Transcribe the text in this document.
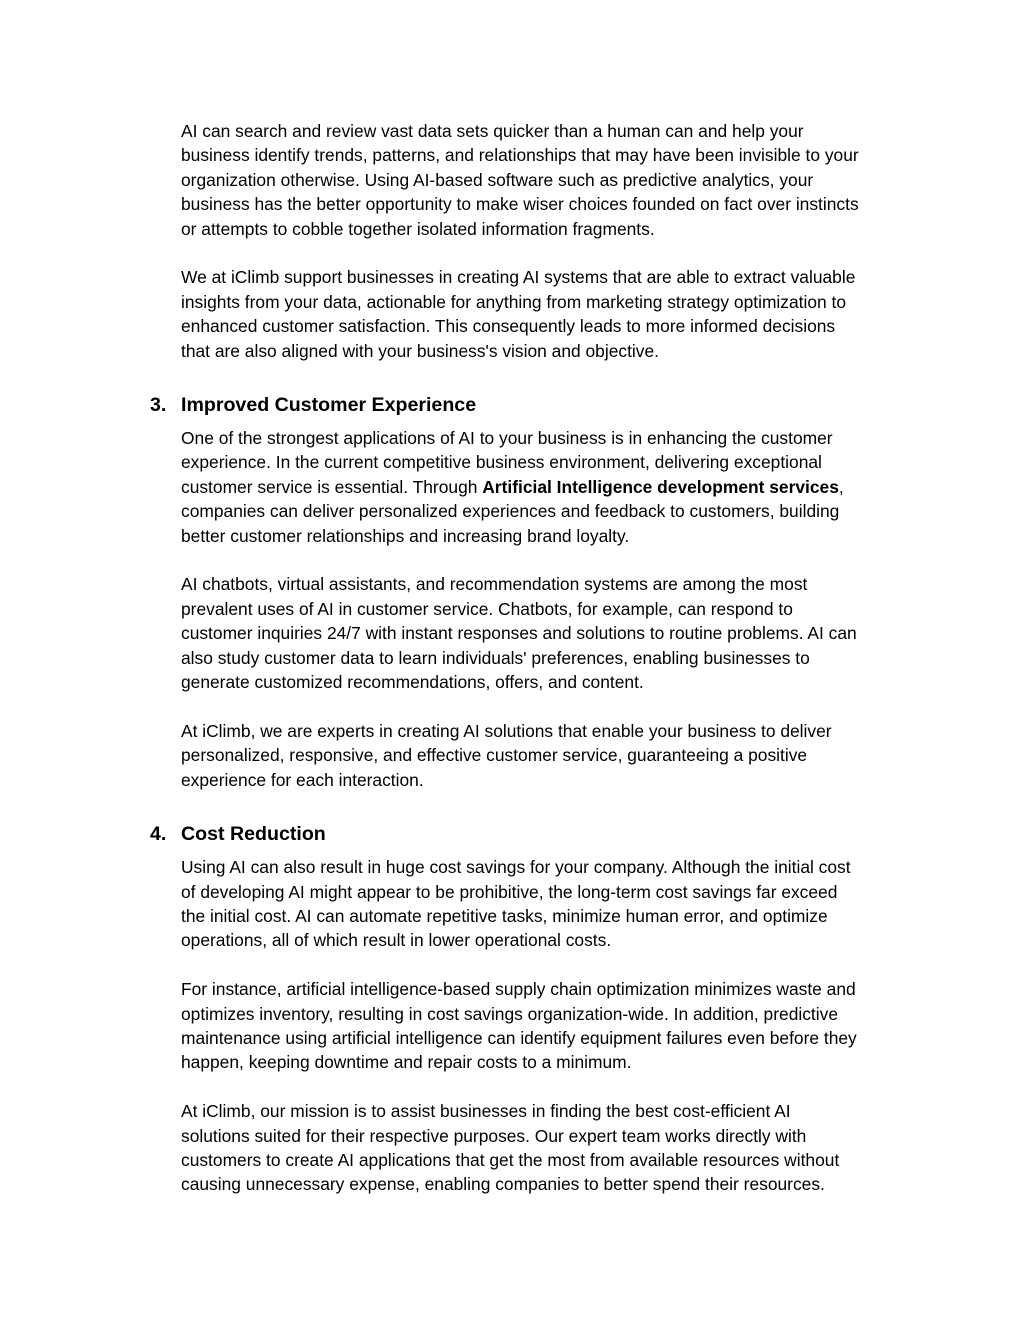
AI can search and review vast data sets quicker than a human can and help your
business identify trends, patterns, and relationships that may have been invisible to your
organization otherwise. Using AI-based software such as predictive analytics, your
business has the better opportunity to make wiser choices founded on fact over instincts
or attempts to cobble together isolated information fragments.

We at iClimb support businesses in creating AI systems that are able to extract valuable
insights from your data, actionable for anything from marketing strategy optimization to
enhanced customer satisfaction. This consequently leads to more informed decisions
that are also aligned with your business's vision and objective.

3. Improved Customer Experience

One of the strongest applications of AI to your business is in enhancing the customer
experience. In the current competitive business environment, delivering exceptional
customer service is essential. Through Artificial Intelligence development services,
companies can deliver personalized experiences and feedback to customers, building
better customer relationships and increasing brand loyalty.

AI chatbots, virtual assistants, and recommendation systems are among the most
prevalent uses of AI in customer service. Chatbots, for example, can respond to
customer inquiries 24/7 with instant responses and solutions to routine problems. AI can
also study customer data to learn individuals' preferences, enabling businesses to
generate customized recommendations, offers, and content.

At iClimb, we are experts in creating AI solutions that enable your business to deliver
personalized, responsive, and effective customer service, guaranteeing a positive
experience for each interaction.

4. Cost Reduction

Using AI can also result in huge cost savings for your company. Although the initial cost
of developing AI might appear to be prohibitive, the long-term cost savings far exceed
the initial cost. AI can automate repetitive tasks, minimize human error, and optimize
operations, all of which result in lower operational costs.

For instance, artificial intelligence-based supply chain optimization minimizes waste and
optimizes inventory, resulting in cost savings organization-wide. In addition, predictive
maintenance using artificial intelligence can identify equipment failures even before they
happen, keeping downtime and repair costs to a minimum.

At iClimb, our mission is to assist businesses in finding the best cost-efficient AI
solutions suited for their respective purposes. Our expert team works directly with
customers to create AI applications that get the most from available resources without
causing unnecessary expense, enabling companies to better spend their resources.
